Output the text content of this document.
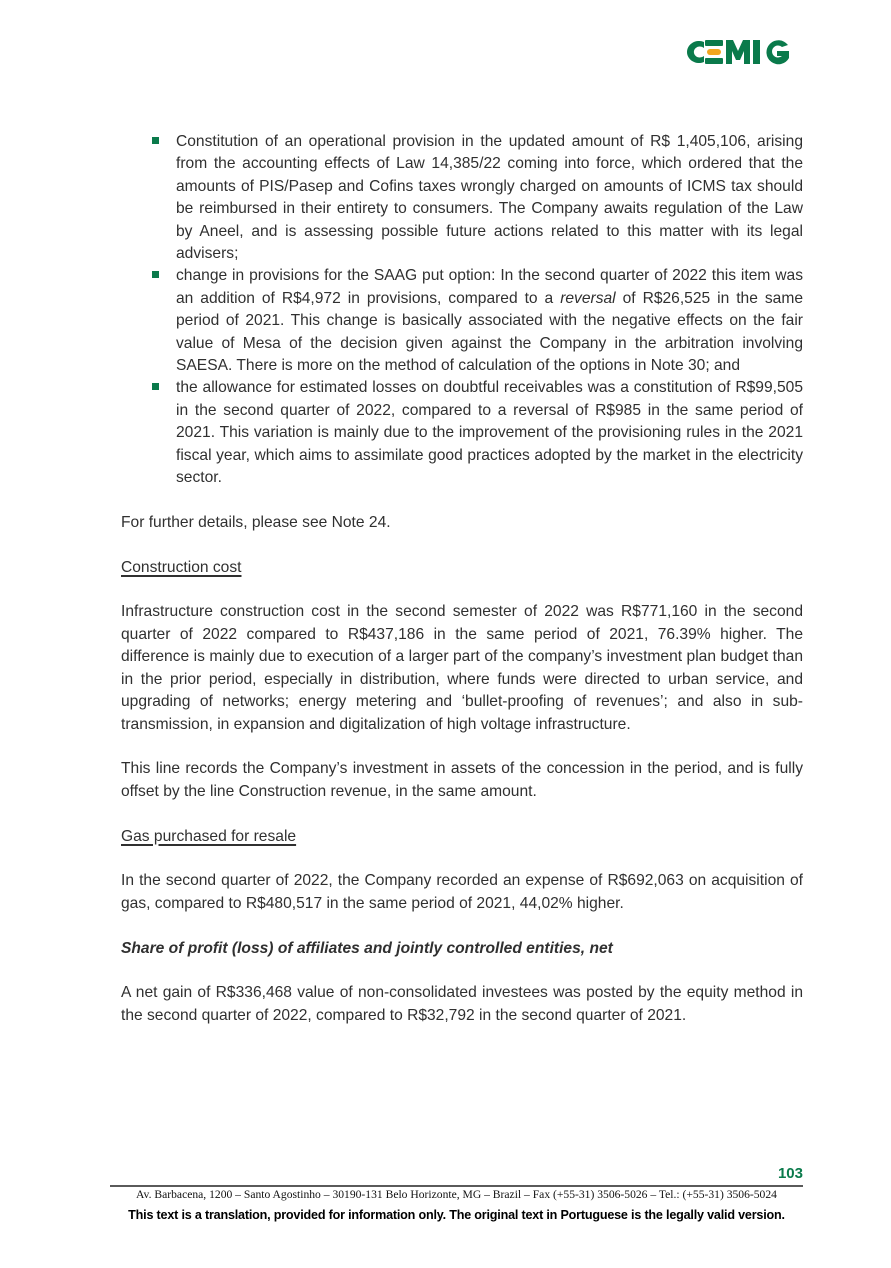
Constitution of an operational provision in the updated amount of R$ 1,405,106, arising from the accounting effects of Law 14,385/22 coming into force, which ordered that the amounts of PIS/Pasep and Cofins taxes wrongly charged on amounts of ICMS tax should be reimbursed in their entirety to consumers. The Company awaits regulation of the Law by Aneel, and is assessing possible future actions related to this matter with its legal advisers;
change in provisions for the SAAG put option: In the second quarter of 2022 this item was an addition of R$4,972 in provisions, compared to a reversal of R$26,525 in the same period of 2021. This change is basically associated with the negative effects on the fair value of Mesa of the decision given against the Company in the arbitration involving SAESA. There is more on the method of calculation of the options in Note 30; and
the allowance for estimated losses on doubtful receivables was a constitution of R$99,505 in the second quarter of 2022, compared to a reversal of R$985 in the same period of 2021. This variation is mainly due to the improvement of the provisioning rules in the 2021 fiscal year, which aims to assimilate good practices adopted by the market in the electricity sector.

For further details, please see Note 24.

Construction cost

Infrastructure construction cost in the second semester of 2022 was R$771,160 in the second quarter of 2022 compared to R$437,186 in the same period of 2021, 76.39% higher. The difference is mainly due to execution of a larger part of the company’s investment plan budget than in the prior period, especially in distribution, where funds were directed to urban service, and upgrading of networks; energy metering and ‘bullet-proofing of revenues’; and also in sub-transmission, in expansion and digitalization of high voltage infrastructure.

This line records the Company’s investment in assets of the concession in the period, and is fully offset by the line Construction revenue, in the same amount.

Gas purchased for resale

In the second quarter of 2022, the Company recorded an expense of R$692,063 on acquisition of gas, compared to R$480,517 in the same period of 2021, 44,02% higher.

Share of profit (loss) of affiliates and jointly controlled entities, net

A net gain of R$336,468 value of non-consolidated investees was posted by the equity method in the second quarter of 2022, compared to R$32,792 in the second quarter of 2021.

103
Av. Barbacena, 1200 – Santo Agostinho – 30190-131 Belo Horizonte, MG – Brazil – Fax (+55-31) 3506-5026 – Tel.: (+55-31) 3506-5024
This text is a translation, provided for information only. The original text in Portuguese is the legally valid version.
